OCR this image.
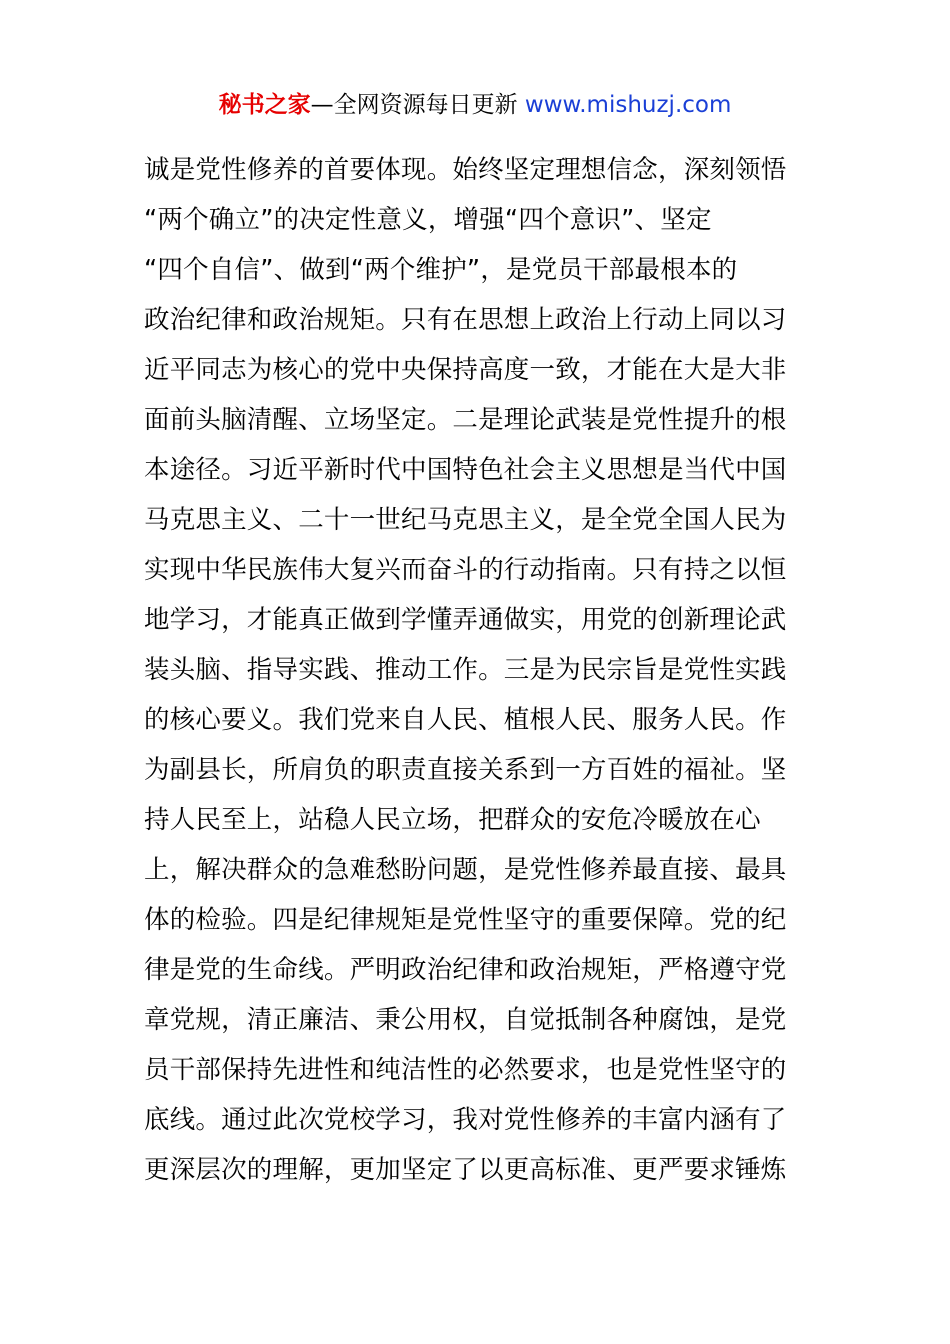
秘书之家—全网资源每日更新 www.mishuzj.com
诚是党性修养的首要体现。始终坚定理想信念，深刻领悟
“两个确立”的决定性意义，增强“四个意识”、坚定
“四个自信”、做到“两个维护”，是党员干部最根本的
政治纪律和政治规矩。只有在思想上政治上行动上同以习
近平同志为核心的党中央保持高度一致，才能在大是大非
面前头脑清醒、立场坚定。二是理论武装是党性提升的根
本途径。习近平新时代中国特色社会主义思想是当代中国
马克思主义、二十一世纪马克思主义，是全党全国人民为
实现中华民族伟大复兴而奋斗的行动指南。只有持之以恒
地学习，才能真正做到学懂弄通做实，用党的创新理论武
装头脑、指导实践、推动工作。三是为民宗旨是党性实践
的核心要义。我们党来自人民、植根人民、服务人民。作
为副县长，所肩负的职责直接关系到一方百姓的福祉。坚
持人民至上，站稳人民立场，把群众的安危冷暖放在心
上，解决群众的急难愁盼问题，是党性修养最直接、最具
体的检验。四是纪律规矩是党性坚守的重要保障。党的纪
律是党的生命线。严明政治纪律和政治规矩，严格遵守党
章党规，清正廉洁、秉公用权，自觉抵制各种腐蚀，是党
员干部保持先进性和纯洁性的必然要求，也是党性坚守的
底线。通过此次党校学习，我对党性修养的丰富内涵有了
更深层次的理解，更加坚定了以更高标准、更严要求锤炼
